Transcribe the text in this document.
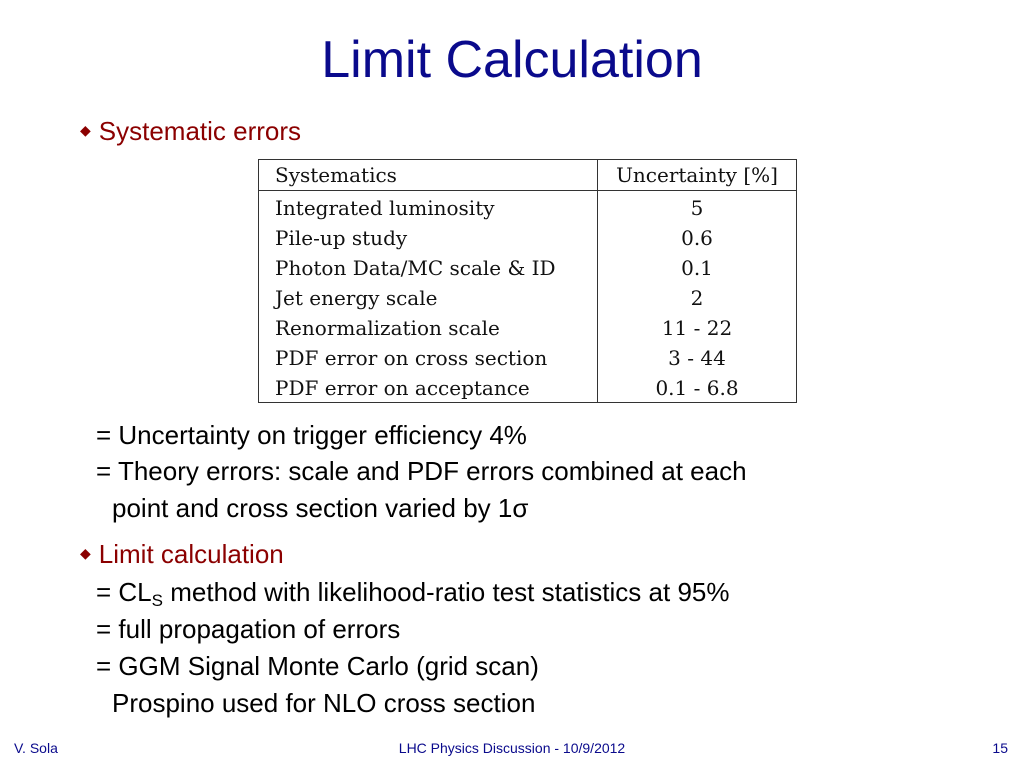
Limit Calculation
◆ Systematic errors
Systematics	Uncertainty [%]
Integrated luminosity	5
Pile-up study	0.6
Photon Data/MC scale & ID	0.1
Jet energy scale	2
Renormalization scale	11 - 22
PDF error on cross section	3 - 44
PDF error on acceptance	0.1 - 6.8
= Uncertainty on trigger efficiency 4%
= Theory errors: scale and PDF errors combined at each
point and cross section varied by 1σ
◆ Limit calculation
= $CL_S$ method with likelihood-ratio test statistics at 95%
= full propagation of errors
= GGM Signal Monte Carlo (grid scan)
Prospino used for NLO cross section
V. Sola	LHC Physics Discussion - 10/9/2012	15
